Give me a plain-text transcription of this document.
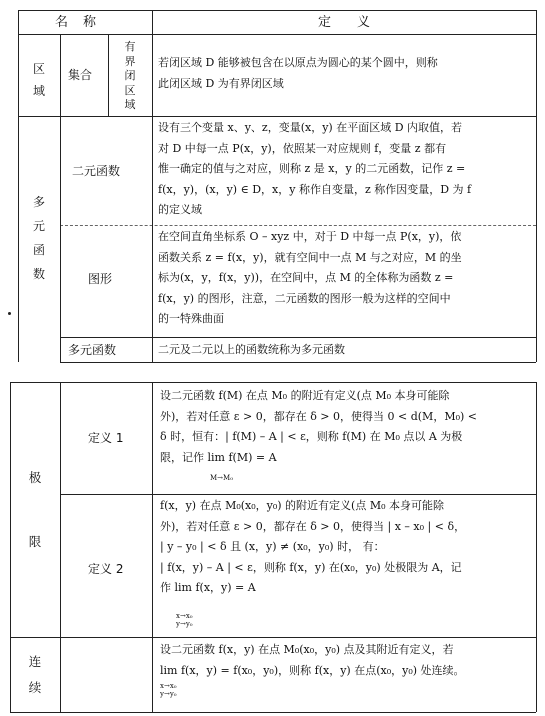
名　称	定　　义
区
域
集合
有
界
闭
区
域
若闭区域 D 能够被包含在以原点为圆心的某个圆中，则称
此闭区域 D 为有界闭区域
多
元
函
数
二元函数
设有三个变量 x、y、z，变量(x，y) 在平面区域 D 内取值，若
对 D 中每一点 P(x，y)，依照某一对应规则 f，变量 z 都有
惟一确定的值与之对应，则称 z 是 x，y 的二元函数，记作 z =
f(x，y)，(x，y) ∈ D，x，y 称作自变量，z 称作因变量，D 为 f
的定义域
图形
在空间直角坐标系 O – xyz 中，对于 D 中每一点 P(x，y)，依
函数关系 z = f(x，y)，就有空间中一点 M 与之对应，M 的坐
标为(x，y，f(x，y))，在空间中，点 M 的全体称为函数 z =
f(x，y) 的图形，注意，二元函数的图形一般为这样的空间中
的一特殊曲面
多元函数	二元及二元以上的函数统称为多元函数
极

限
定义 1
设二元函数 f(M) 在点 M₀ 的附近有定义(点 M₀ 本身可能除
外)，若对任意 ε > 0，都存在 δ > 0，使得当 0 < d(M，M₀) <
δ 时，恒有：| f(M) – A | < ε，则称 f(M) 在 M₀ 点以 A 为极
限，记作 lim f(M) = A
M→M₀
定义 2
f(x，y) 在点 M₀(x₀，y₀) 的附近有定义(点 M₀ 本身可能除
外)，若对任意 ε > 0，都存在 δ > 0，使得当 | x – x₀ | < δ，
| y – y₀ | < δ 且 (x，y) ≠ (x₀，y₀) 时， 有：
| f(x，y) – A | < ε，则称 f(x，y) 在(x₀，y₀) 处极限为 A，记
作 lim f(x，y) = A
x→x₀
y→y₀
连

续
设二元函数 f(x，y) 在点 M₀(x₀，y₀) 点及其附近有定义，若
lim f(x，y) = f(x₀，y₀)，则称 f(x，y) 在点(x₀，y₀) 处连续。
x→x₀
y→y₀
